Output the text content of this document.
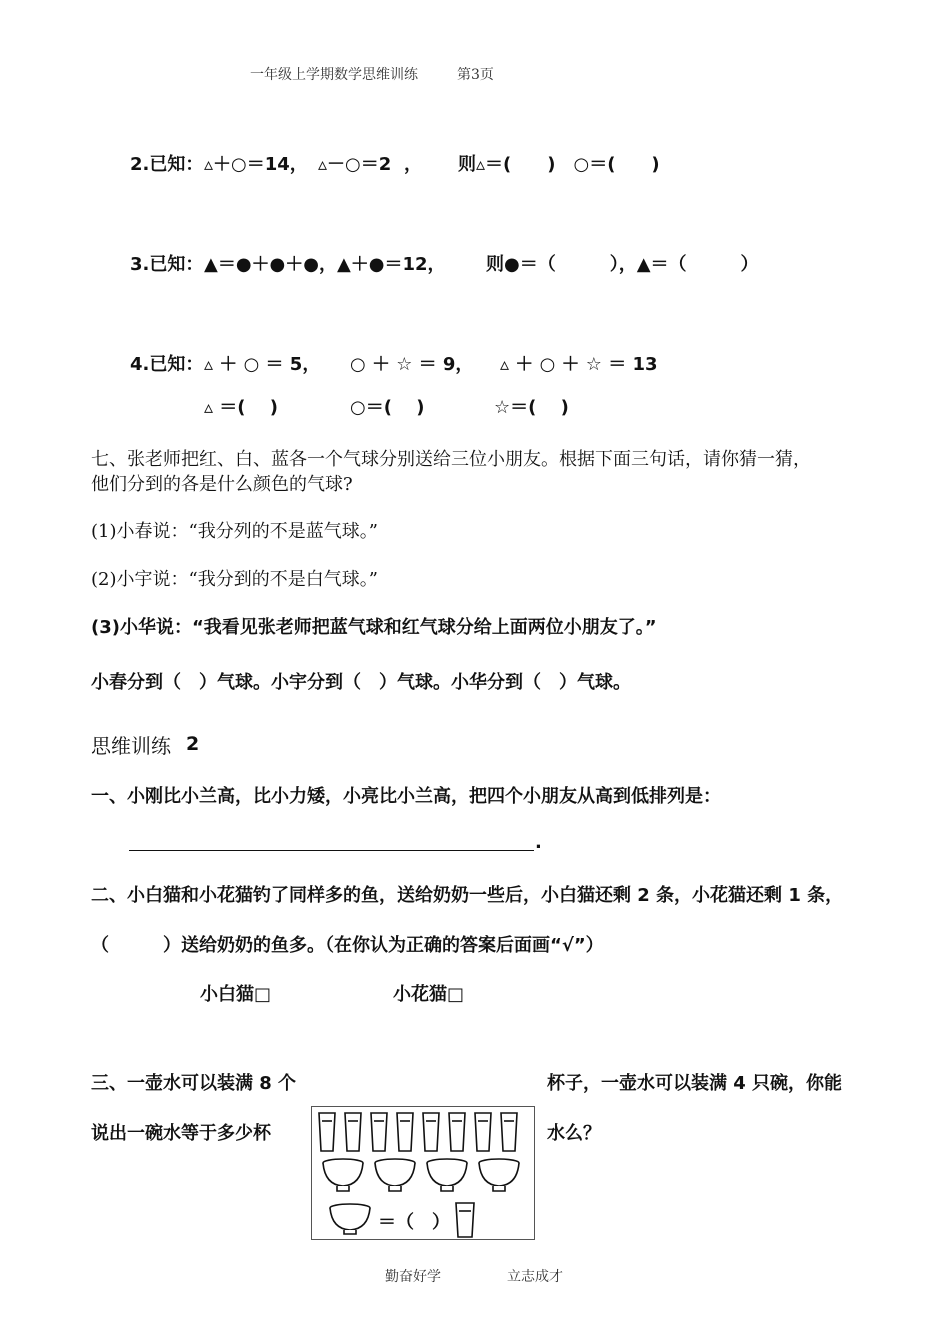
一年级上学期数学思维训练	第3页
2.已知： ▵＋○＝14， ▵－○＝2 ， 则▵＝(　　)　○＝(　　)
3.已知： ▲＝●＋●＋●，▲＋●＝12， 则●＝（　　　），▲＝（　　　）
4.已知： ▵ ＋ ○ ＝ 5， ○ ＋ ☆ ＝ 9， ▵ ＋ ○ ＋ ☆ ＝ 13
▵ ＝(　 )	○＝(　 )	☆＝(　 )
七、张老师把红、白、蓝各一个气球分别送给三位小朋友。根据下面三句话，请你猜一猜，
他们分到的各是什么颜色的气球?
(1)小春说：“我分列的不是蓝气球。”
(2)小宇说：“我分到的不是白气球。”
(3)小华说：“我看见张老师把蓝气球和红气球分给上面两位小朋友了。”
小春分到（　）气球。小宇分到（　）气球。小华分到（　）气球。
思维训练 2
一、小刚比小兰高，比小力矮，小亮比小兰高，把四个小朋友从高到低排列是：
.
二、小白猫和小花猫钓了同样多的鱼，送给奶奶一些后，小白猫还剩 2 条，小花猫还剩 1 条，
（　　　）送给奶奶的鱼多。（在你认为正确的答案后面画“√”）
小白猫□	小花猫□
三、一壶水可以装满 8 个	杯子，一壶水可以装满 4 只碗，你能
说出一碗水等于多少杯	水么？
＝（　）
勤奋好学	立志成才
